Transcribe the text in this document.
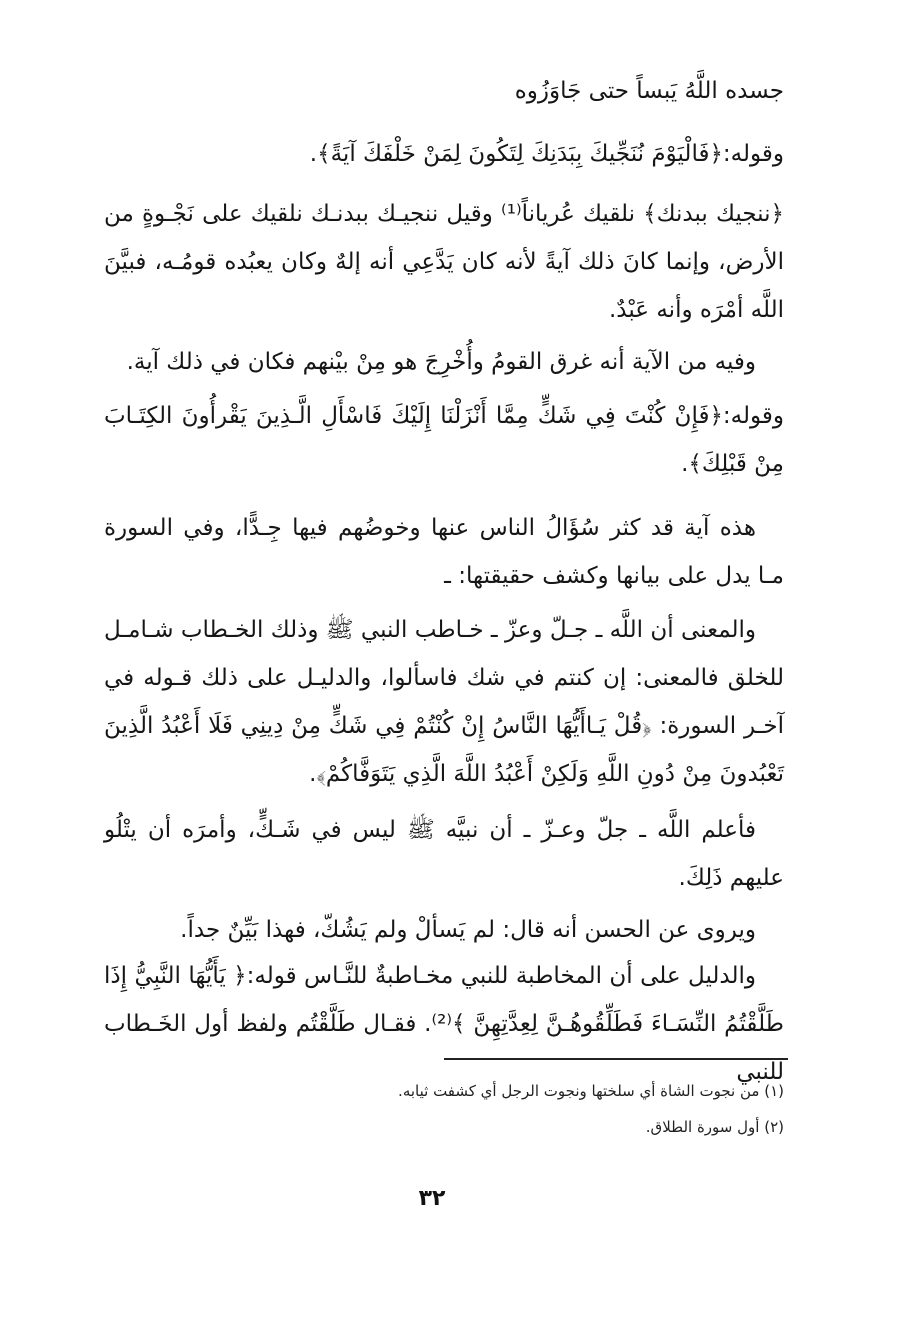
جسده اللَّهُ يَبساً حتى جَاوَزُوه
وقوله:﴿فَالْيَوْمَ نُنَجِّيكَ بِبَدَنِكَ لِتَكُونَ لِمَنْ خَلْفَكَ آيَةً﴾.
﴿ننجيك ببدنك﴾ نلقيك عُرياناً⁽¹⁾ وقيل ننجيـك ببدنـك نلقيك على نَجْـوةٍ من الأرض، وإنما كانَ ذلك آيةً لأنه كان يَدَّعِي أنه إلهٌ وكان يعبُده قومُـه، فبيَّنَ اللَّه أمْرَه وأنه عَبْدٌ.
وفيه من الآية أنه غرق القومُ وأُخْرِجَ هو مِنْ بيْنهم فكان في ذلك آية.
وقوله:﴿فَإِنْ كُنْتَ فِي شَكٍّ مِمَّا أَنْزَلْنَا إِلَيْكَ فَاسْأَلِ الَّـذِينَ يَقْرأُونَ الكِتَـابَ مِنْ قَبْلِكَ﴾.
هذه آية قد كثر سُؤَالُ الناس عنها وخوضُهم فيها جِـدًّا، وفي السورة مـا يدل على بيانها وكشف حقيقتها: ـ
والمعنى أن اللَّه ـ جـلّ وعزّ ـ خـاطب النبي ﷺ وذلك الخـطاب شـامـل للخلق فالمعنى: إن كنتم في شك فاسألوا، والدليـل على ذلك قـوله في آخـر السورة: ﴿قُلْ يَـاأَيُّهَا النَّاسُ إِنْ كُنْتُمْ فِي شَكٍّ مِنْ دِينِي فَلَا أَعْبُدُ الَّذِينَ تَعْبُدونَ مِنْ دُونِ اللَّهِ وَلَكِنْ أَعْبُدُ اللَّهَ الَّذِي يَتَوَفَّاكُمْ﴾.
فأعلم اللَّه ـ جلّ وعـزّ ـ أن نبيَّه ﷺ ليس في شَـكٍّ، وأمرَه أن يتْلُو عليهم ذَلِكَ.
ويروى عن الحسن أنه قال: لم يَسألْ ولم يَشُكّ، فهذا بَيِّنٌ جداً.
والدليل على أن المخاطبة للنبي مخـاطبةٌ للنَّـاس قوله:﴿ يَأَيُّهَا النَّبِيُّ إِذَا طَلَّقْتُمُ النِّسَـاءَ فَطَلِّقُوهُـنَّ لِعِدَّتِهِنَّ ﴾⁽²⁾. فقـال طَلَّقْتُم ولفظ أول الخَـطاب للنبي
(١) من نجوت الشاة أي سلختها ونجوت الرجل أي كشفت ثيابه.
(٢) أول سورة الطلاق.
٣٢
